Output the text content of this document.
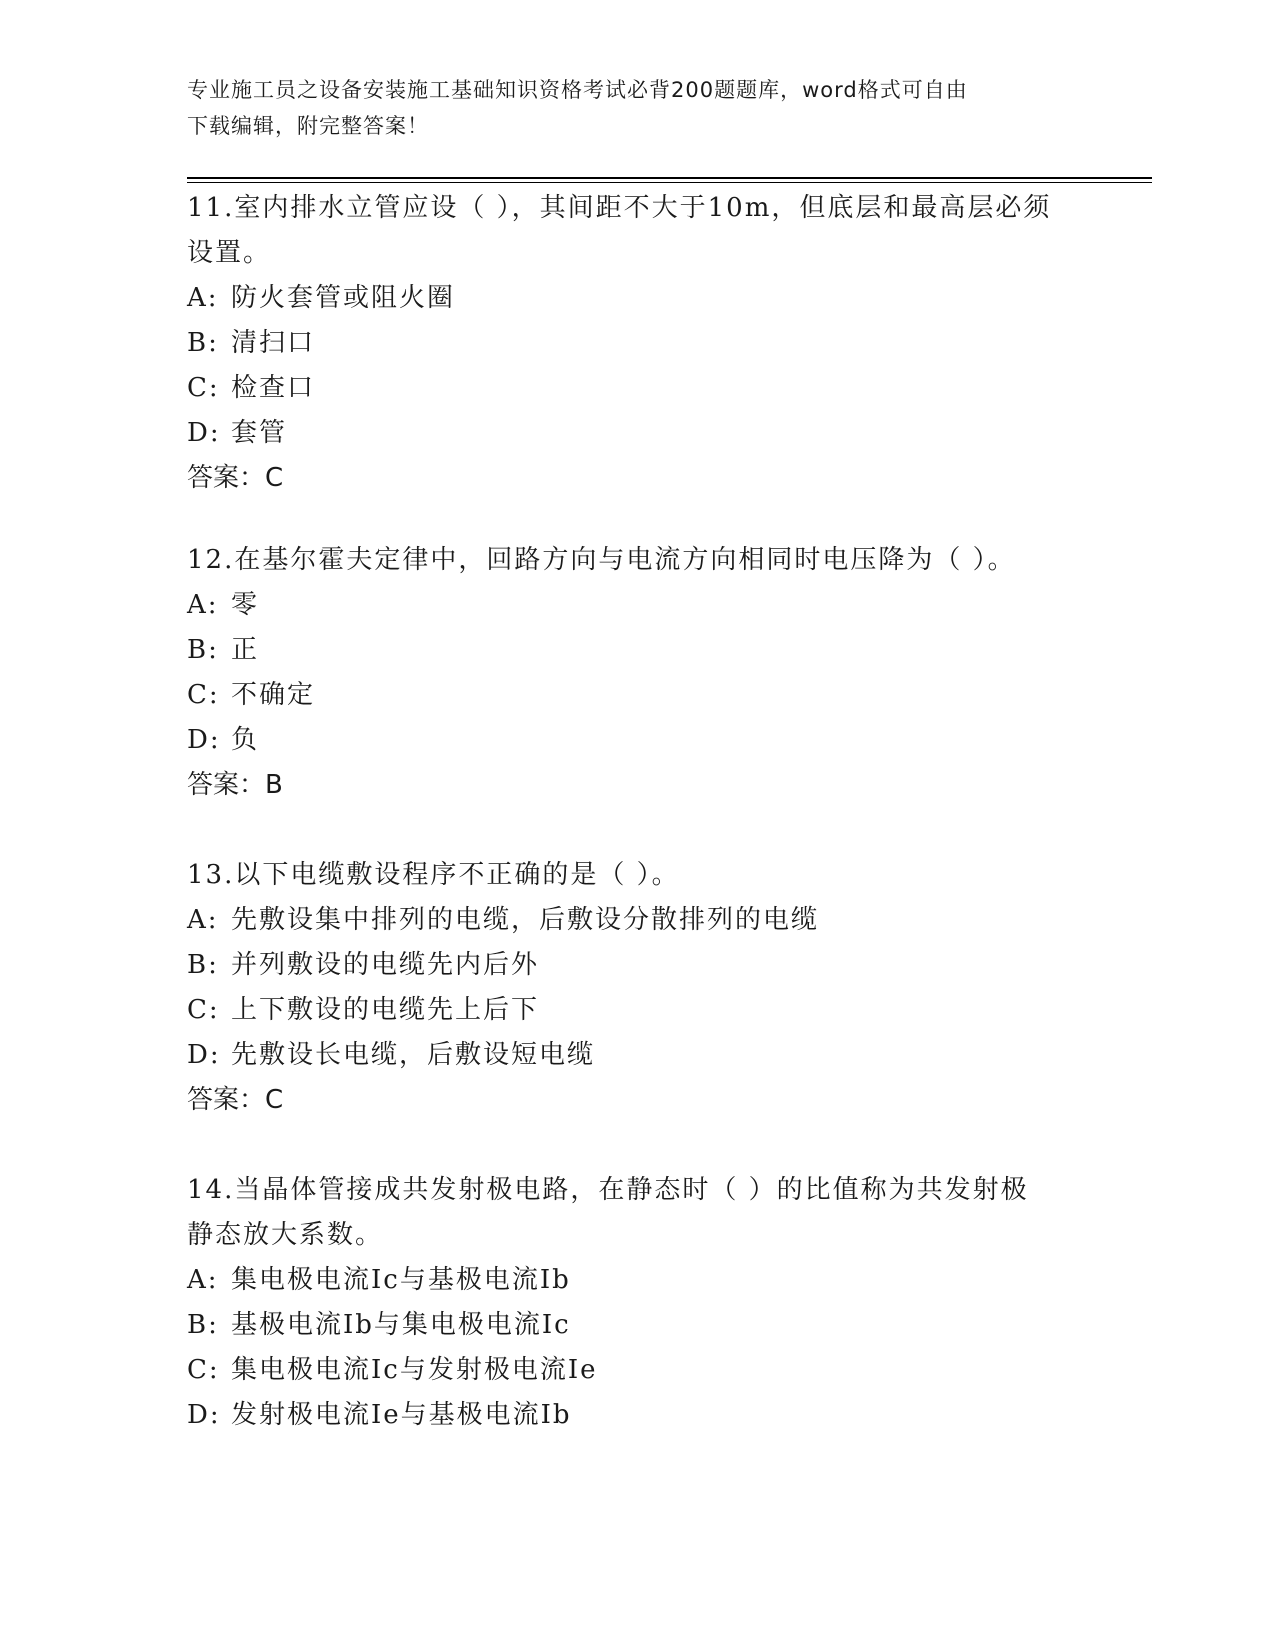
专业施工员之设备安装施工基础知识资格考试必背200题题库，word格式可自由
下载编辑，附完整答案！

11.室内排水立管应设（ ），其间距不大于10m，但底层和最高层必须

设置。

A: 防火套管或阻火圈

B: 清扫口

C: 检查口

D: 套管

答案：C

12.在基尔霍夫定律中，回路方向与电流方向相同时电压降为（ ）。

A: 零

B: 正

C: 不确定

D: 负

答案：B

13.以下电缆敷设程序不正确的是（ ）。

A: 先敷设集中排列的电缆，后敷设分散排列的电缆

B: 并列敷设的电缆先内后外

C: 上下敷设的电缆先上后下

D: 先敷设长电缆，后敷设短电缆

答案：C

14.当晶体管接成共发射极电路，在静态时（ ）的比值称为共发射极

静态放大系数。

A: 集电极电流Ic与基极电流Ib

B: 基极电流Ib与集电极电流Ic

C: 集电极电流Ic与发射极电流Ie

D: 发射极电流Ie与基极电流Ib
